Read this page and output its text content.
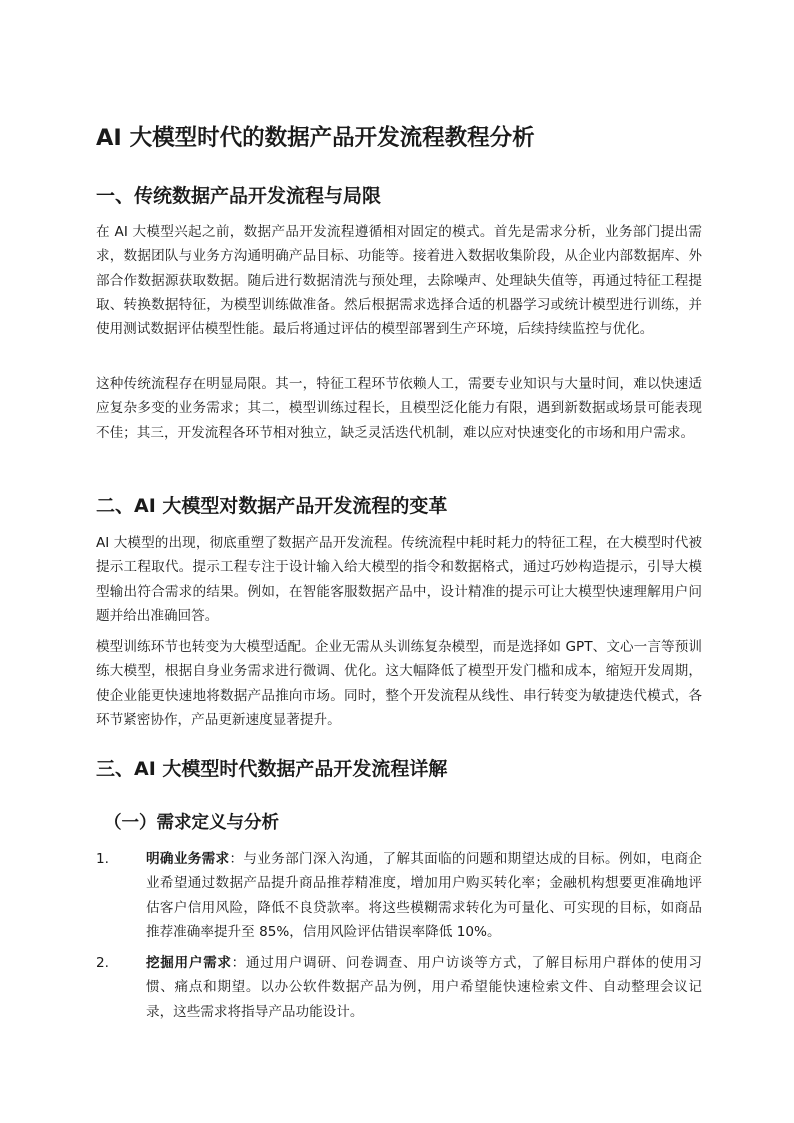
AI 大模型时代的数据产品开发流程教程分析
一、传统数据产品开发流程与局限

在 AI 大模型兴起之前，数据产品开发流程遵循相对固定的模式。首先是需求分析，业务部门提出需求，数据团队与业务方沟通明确产品目标、功能等。接着进入数据收集阶段，从企业内部数据库、外部合作数据源获取数据。随后进行数据清洗与预处理，去除噪声、处理缺失值等，再通过特征工程提取、转换数据特征，为模型训练做准备。然后根据需求选择合适的机器学习或统计模型进行训练，并使用测试数据评估模型性能。最后将通过评估的模型部署到生产环境，后续持续监控与优化。

这种传统流程存在明显局限。其一，特征工程环节依赖人工，需要专业知识与大量时间，难以快速适应复杂多变的业务需求；其二，模型训练过程长，且模型泛化能力有限，遇到新数据或场景可能表现不佳；其三，开发流程各环节相对独立，缺乏灵活迭代机制，难以应对快速变化的市场和用户需求。

二、AI 大模型对数据产品开发流程的变革

AI 大模型的出现，彻底重塑了数据产品开发流程。传统流程中耗时耗力的特征工程，在大模型时代被提示工程取代。提示工程专注于设计输入给大模型的指令和数据格式，通过巧妙构造提示，引导大模型输出符合需求的结果。例如，在智能客服数据产品中，设计精准的提示可让大模型快速理解用户问题并给出准确回答。

模型训练环节也转变为大模型适配。企业无需从头训练复杂模型，而是选择如 GPT、文心一言等预训练大模型，根据自身业务需求进行微调、优化。这大幅降低了模型开发门槛和成本，缩短开发周期，使企业能更快速地将数据产品推向市场。同时，整个开发流程从线性、串行转变为敏捷迭代模式，各环节紧密协作，产品更新速度显著提升。

三、AI 大模型时代数据产品开发流程详解
（一）需求定义与分析
1.	明确业务需求：与业务部门深入沟通，了解其面临的问题和期望达成的目标。例如，电商企业希望通过数据产品提升商品推荐精准度，增加用户购买转化率；金融机构想要更准确地评估客户信用风险，降低不良贷款率。将这些模糊需求转化为可量化、可实现的目标，如商品推荐准确率提升至 85%，信用风险评估错误率降低 10%。

2.	挖掘用户需求：通过用户调研、问卷调查、用户访谈等方式，了解目标用户群体的使用习惯、痛点和期望。以办公软件数据产品为例，用户希望能快速检索文件、自动整理会议记录，这些需求将指导产品功能设计。
